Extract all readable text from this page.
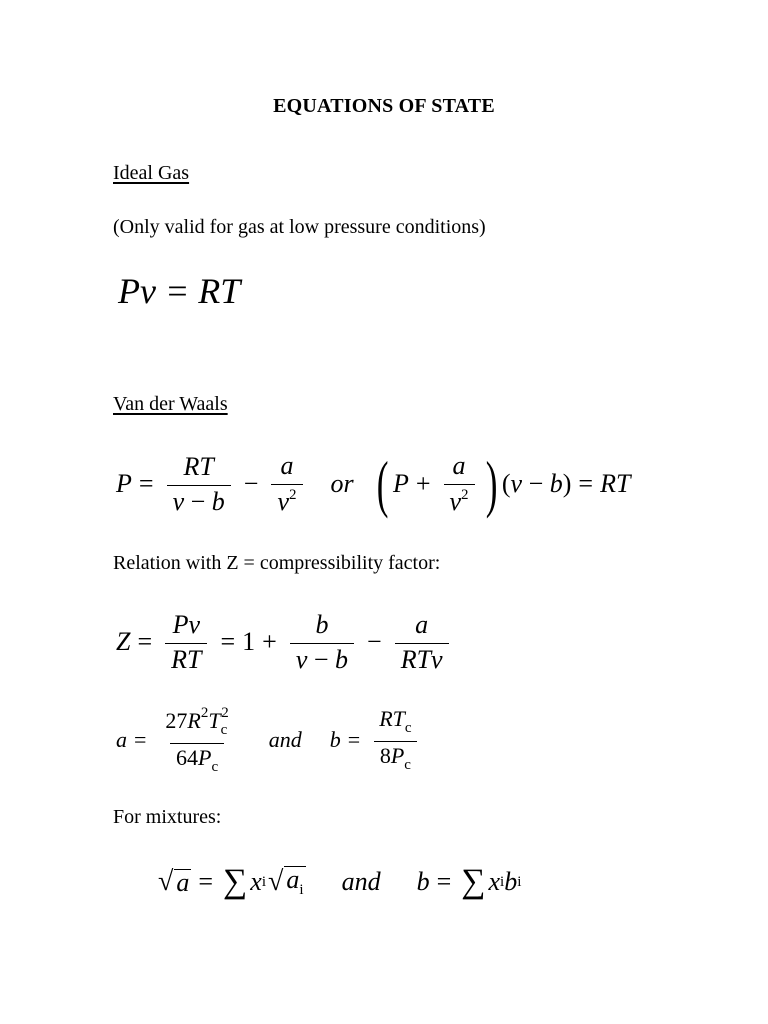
EQUATIONS OF STATE
Ideal Gas
(Only valid for gas at low pressure conditions)
Pv = RT
Van der Waals
$P = \frac{RT}{v - b} - \frac{a}{v^2}$ or ( $P + \frac{a}{v^2}$ ) (v − b) = RT
Relation with Z = compressibility factor:
$Z = \frac{Pv}{RT} = 1 + \frac{b}{v - b} - \frac{a}{\text{RTv}}$
$a = \frac{27R^2T_c^2}{64P_c}$ and $b = \frac{RT_c}{8P_c}$
For mixtures:
√ a = ∑ x i √ $a_i$ and b = ∑ x i b i
